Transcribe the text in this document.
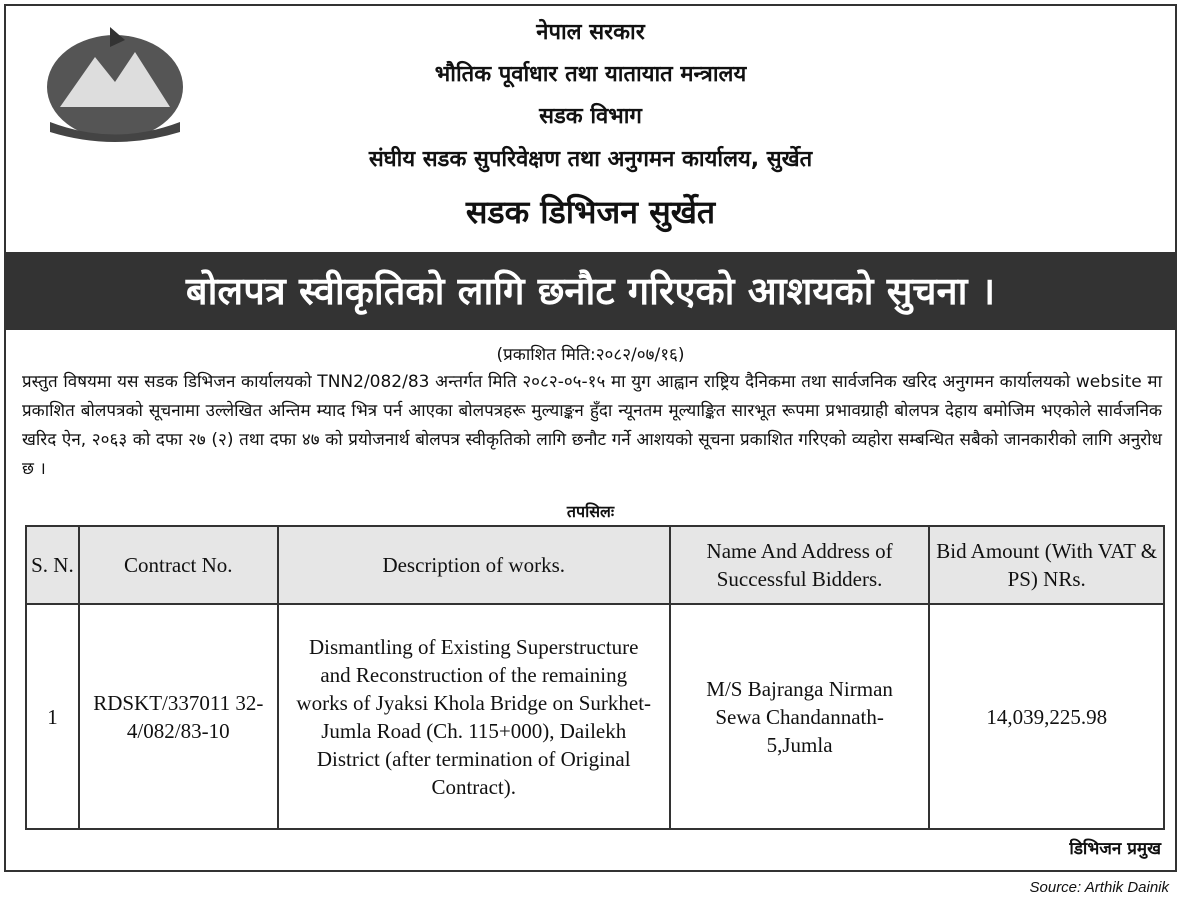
नेपाल सरकार
भौतिक पूर्वाधार तथा यातायात मन्त्रालय
सडक विभाग
संघीय सडक सुपरिवेक्षण तथा अनुगमन कार्यालय, सुर्खेत
सडक डिभिजन सुर्खेत
बोलपत्र स्वीकृतिको लागि छनौट गरिएको आशयको सुचना ।
(प्रकाशित मिति:२०८२/०७/१६)
प्रस्तुत विषयमा यस सडक डिभिजन कार्यालयको TNN2/082/83 अन्तर्गत मिति २०८२-०५-१५ मा युग आह्वान राष्ट्रिय दैनिकमा तथा सार्वजनिक खरिद अनुगमन कार्यालयको website मा प्रकाशित बोलपत्रको सूचनामा उल्लेखित अन्तिम म्याद भित्र पर्न आएका बोलपत्रहरू मुल्याङ्कन हुँदा न्यूनतम मूल्याङ्कित सारभूत रूपमा प्रभावग्राही बोलपत्र देहाय बमोजिम भएकोले सार्वजनिक खरिद ऐन, २०६३ को दफा २७ (२) तथा दफा ४७ को प्रयोजनार्थ बोलपत्र स्वीकृतिको लागि छनौट गर्ने आशयको सूचना प्रकाशित गरिएको व्यहोरा सम्बन्धित सबैको जानकारीको लागि अनुरोध छ ।
तपसिलः
S. N.	Contract No.	Description of works.	Name And Address of Successful Bidders.	Bid Amount (With VAT & PS) NRs.
1	RDSKT/337011 32-4/082/83-10	Dismantling of Existing Superstructure and Reconstruction of the remaining works of Jyaksi Khola Bridge on Surkhet-Jumla Road (Ch. 115+000), Dailekh District (after termination of Original Contract).	M/S Bajranga Nirman Sewa Chandannath-5,Jumla	14,039,225.98
डिभिजन प्रमुख
Source: Arthik Dainik
